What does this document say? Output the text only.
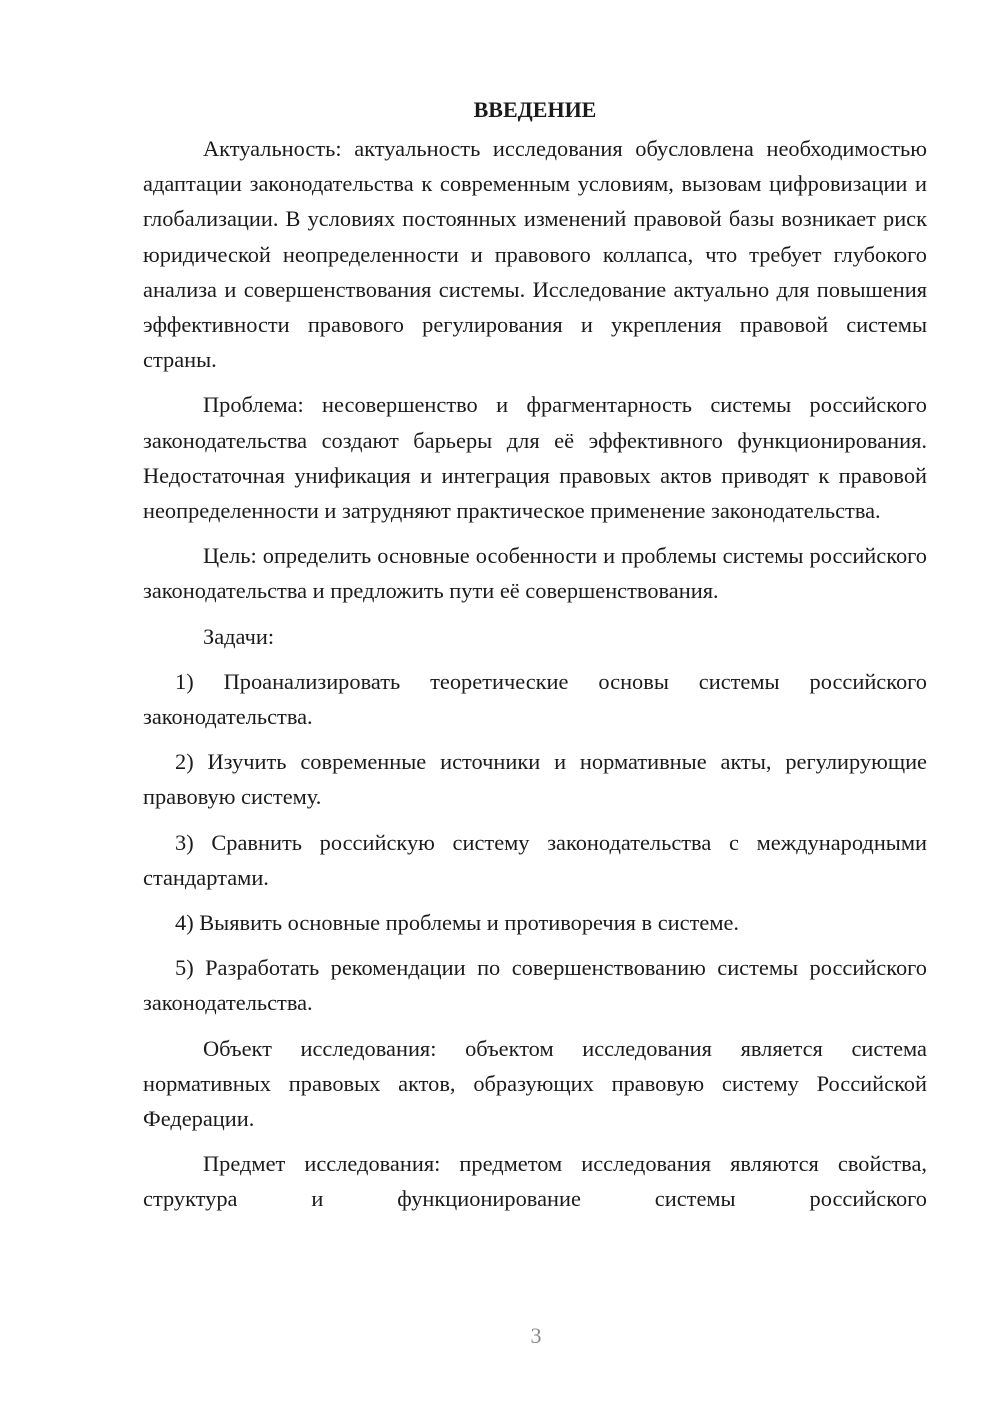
ВВЕДЕНИЕ

Актуальность: актуальность исследования обусловлена необходимостью адаптации законодательства к современным условиям, вызовам цифровизации и глобализации. В условиях постоянных изменений правовой базы возникает риск юридической неопределенности и правового коллапса, что требует глубокого анализа и совершенствования системы. Исследование актуально для повышения эффективности правового регулирования и укрепления правовой системы страны.

Проблема: несовершенство и фрагментарность системы российского законодательства создают барьеры для её эффективного функционирования. Недостаточная унификация и интеграция правовых актов приводят к правовой неопределенности и затрудняют практическое применение законодательства.

Цель: определить основные особенности и проблемы системы российского законодательства и предложить пути её совершенствования.

Задачи:

1) Проанализировать теоретические основы системы российского законодательства.

2) Изучить современные источники и нормативные акты, регулирующие правовую систему.

3) Сравнить российскую систему законодательства с международными стандартами.

4) Выявить основные проблемы и противоречия в системе.

5) Разработать рекомендации по совершенствованию системы российского законодательства.

Объект исследования: объектом исследования является система нормативных правовых актов, образующих правовую систему Российской Федерации.

Предмет исследования: предметом исследования являются свойства, структура и функционирование системы российского

3
